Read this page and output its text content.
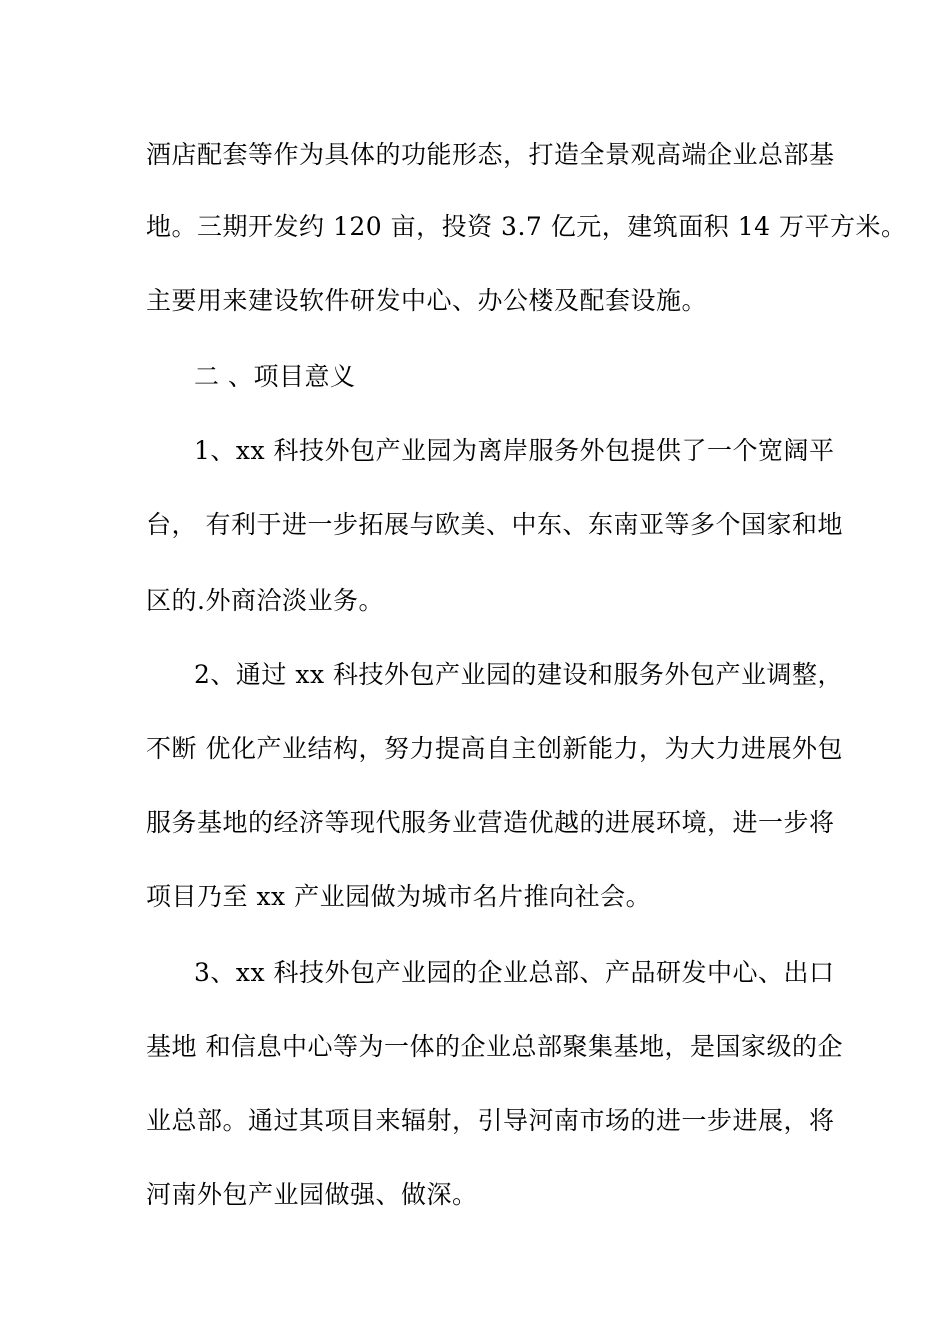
酒店配套等作为具体的功能形态，打造全景观高端企业总部基
地。三期开发约 120 亩，投资 3.7 亿元，建筑面积 14 万平方米。
主要用来建设软件研发中心、办公楼及配套设施。
二 、项目意义
1、xx 科技外包产业园为离岸服务外包提供了一个宽阔平
台， 有利于进一步拓展与欧美、中东、东南亚等多个国家和地
区的.外商洽淡业务。
2、通过 xx 科技外包产业园的建设和服务外包产业调整，
不断 优化产业结构，努力提高自主创新能力，为大力进展外包
服务基地的经济等现代服务业营造优越的进展环境，进一步将
项目乃至 xx 产业园做为城市名片推向社会。
3、xx 科技外包产业园的企业总部、产品研发中心、出口
基地 和信息中心等为一体的企业总部聚集基地，是国家级的企
业总部。通过其项目来辐射，引导河南市场的进一步进展，将
河南外包产业园做强、做深。
